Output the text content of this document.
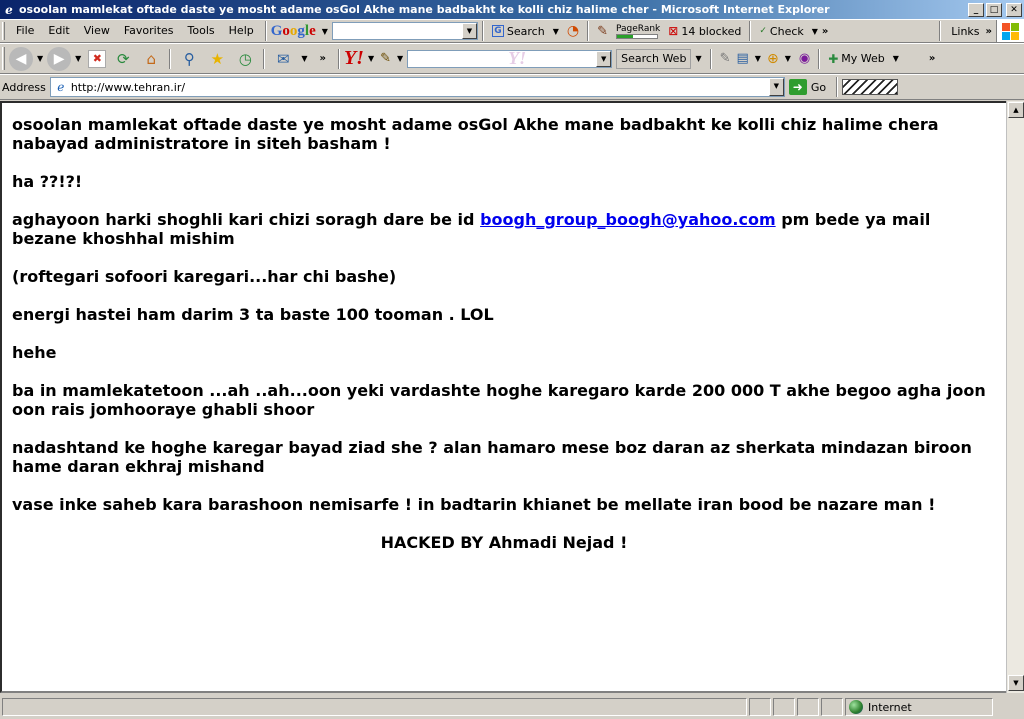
e osoolan mamlekat oftade daste ye mosht adame osGol Akhe mane badbakht ke kolli chiz halime cher - Microsoft Internet Explorer	_	□	✕
File	Edit	View	Favorites	Tools	Help	Google ▼	▼	G Search ▼ ◔ ✎ PageRank ⊠ 14 blocked ✓ Check ▼ »	Links »
◀	▼ ▶	▼	✖	⟳	⌂	⚲	★ ◷	✉	▼ » Y! ▼ ✎ ▼	Y!	▼	Search Web ▼ ✎ ▤ ▼ ⊕ ▼ ◉ ✚ My Web ▼	»
Address ℯ http://www.tehran.ir/	▼	➜ Go

osoolan mamlekat oftade daste ye mosht adame osGol Akhe mane badbakht ke kolli chiz halime chera nabayad administratore in siteh basham !

ha ??!?!

aghayoon harki shoghli kari chizi soragh dare be id boogh_group_boogh@yahoo.com pm bede ya mail bezane khoshhal mishim

(roftegari sofoori karegari...har chi bashe)

energi hastei ham darim 3 ta baste 100 tooman . LOL

hehe

ba in mamlekatetoon ...ah ..ah...oon yeki vardashte hoghe karegaro karde 200 000 T akhe begoo agha joon oon rais jomhooraye ghabli shoor

nadashtand ke hoghe karegar bayad ziad she ? alan hamaro mese boz daran az sherkata mindazan biroon hame daran ekhraj mishand

vase inke saheb kara barashoon nemisarfe ! in badtarin khianet be mellate iran bood be nazare man !

HACKED BY Ahmadi Nejad !

▲
▼
Internet
